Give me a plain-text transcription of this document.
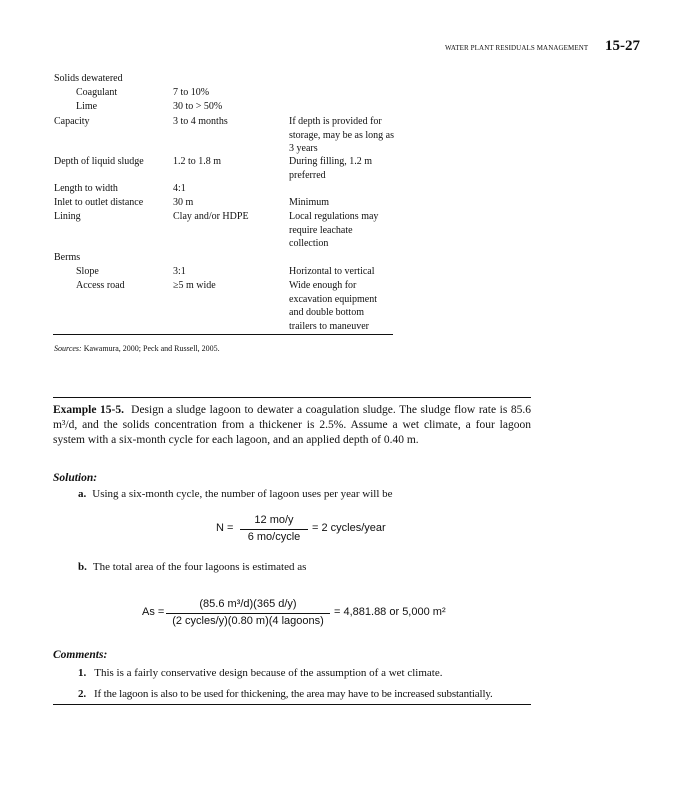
WATER PLANT RESIDUALS MANAGEMENT 15-27
Solids dewatered
Coagulant	7 to 10%
Lime	30 to > 50%
Capacity	3 to 4 months	If depth is provided for storage, may be as long as 3 years
Depth of liquid sludge	1.2 to 1.8 m	During filling, 1.2 m preferred
Length to width	4:1
Inlet to outlet distance	30 m	Minimum
Lining	Clay and/or HDPE	Local regulations may require leachate collection
Berms
Slope	3:1	Horizontal to vertical
Access road	≥5 m wide	Wide enough for excavation equipment and double bottom trailers to maneuver
Sources: Kawamura, 2000; Peck and Russell, 2005.
Example 15-5. Design a sludge lagoon to dewater a coagulation sludge. The sludge flow rate is 85.6 m³/d, and the solids concentration from a thickener is 2.5%. Assume a wet climate, a four lagoon system with a six-month cycle for each lagoon, and an applied depth of 0.40 m.
Solution:
a. Using a six-month cycle, the number of lagoon uses per year will be
N =
12 mo/y
6 mo/cycle
= 2 cycles/year
b. The total area of the four lagoons is estimated as
As =
(85.6 m³/d)(365 d/y)
(2 cycles/y)(0.80 m)(4 lagoons)
= 4,881.88 or 5,000 m²
Comments:
1. This is a fairly conservative design because of the assumption of a wet climate.
2. If the lagoon is also to be used for thickening, the area may have to be increased substantially.
